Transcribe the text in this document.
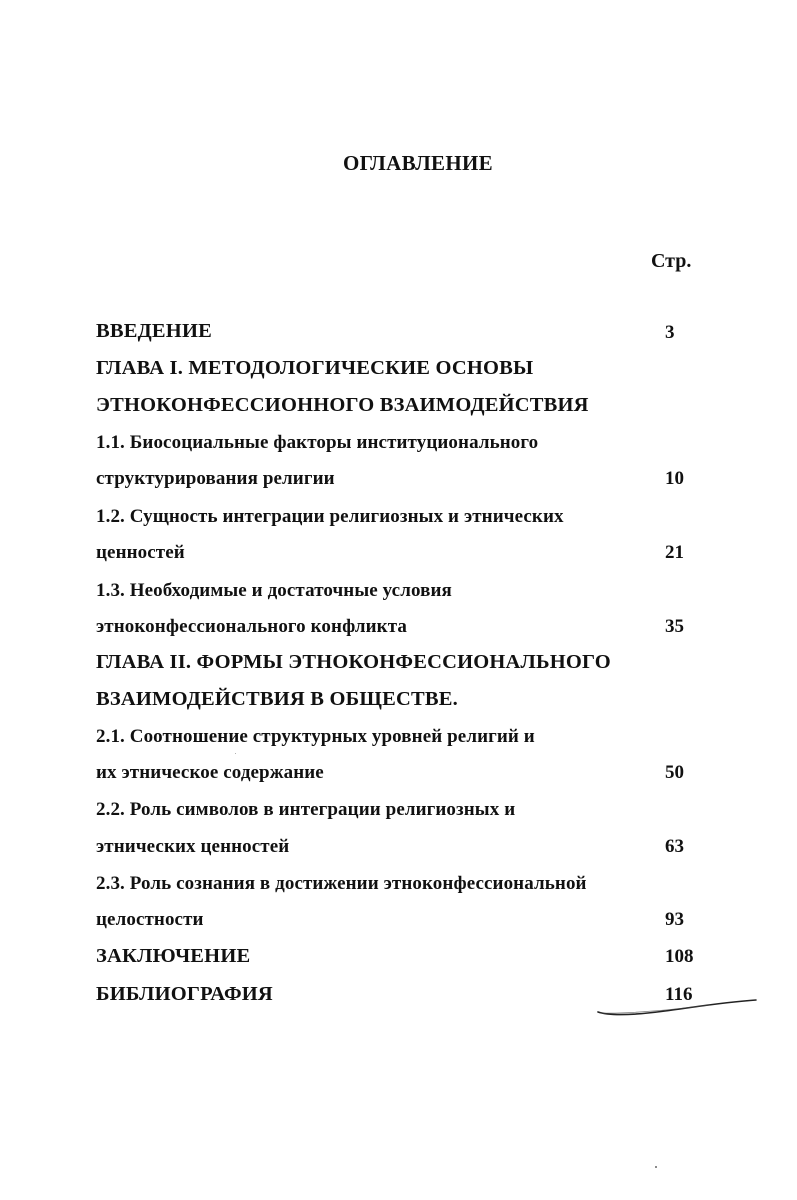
ОГЛАВЛЕНИЕ
Стр.
ВВЕДЕНИЕ	3
ГЛАВА I. МЕТОДОЛОГИЧЕСКИЕ ОСНОВЫ
ЭТНОКОНФЕССИОННОГО ВЗАИМОДЕЙСТВИЯ
1.1. Биосоциальные факторы институционального
структурирования религии	10
1.2. Сущность интеграции религиозных и этнических
ценностей	21
1.3. Необходимые и достаточные условия
этноконфессионального конфликта	35
ГЛАВА II. ФОРМЫ ЭТНОКОНФЕССИОНАЛЬНОГО
ВЗАИМОДЕЙСТВИЯ В ОБЩЕСТВЕ.
2.1. Соотношение структурных уровней религий и
их этническое содержание	50
2.2. Роль символов в интеграции религиозных и
этнических ценностей	63
2.3. Роль сознания в достижении этноконфессиональной
целостности	93
ЗАКЛЮЧЕНИЕ	108
БИБЛИОГРАФИЯ	116
